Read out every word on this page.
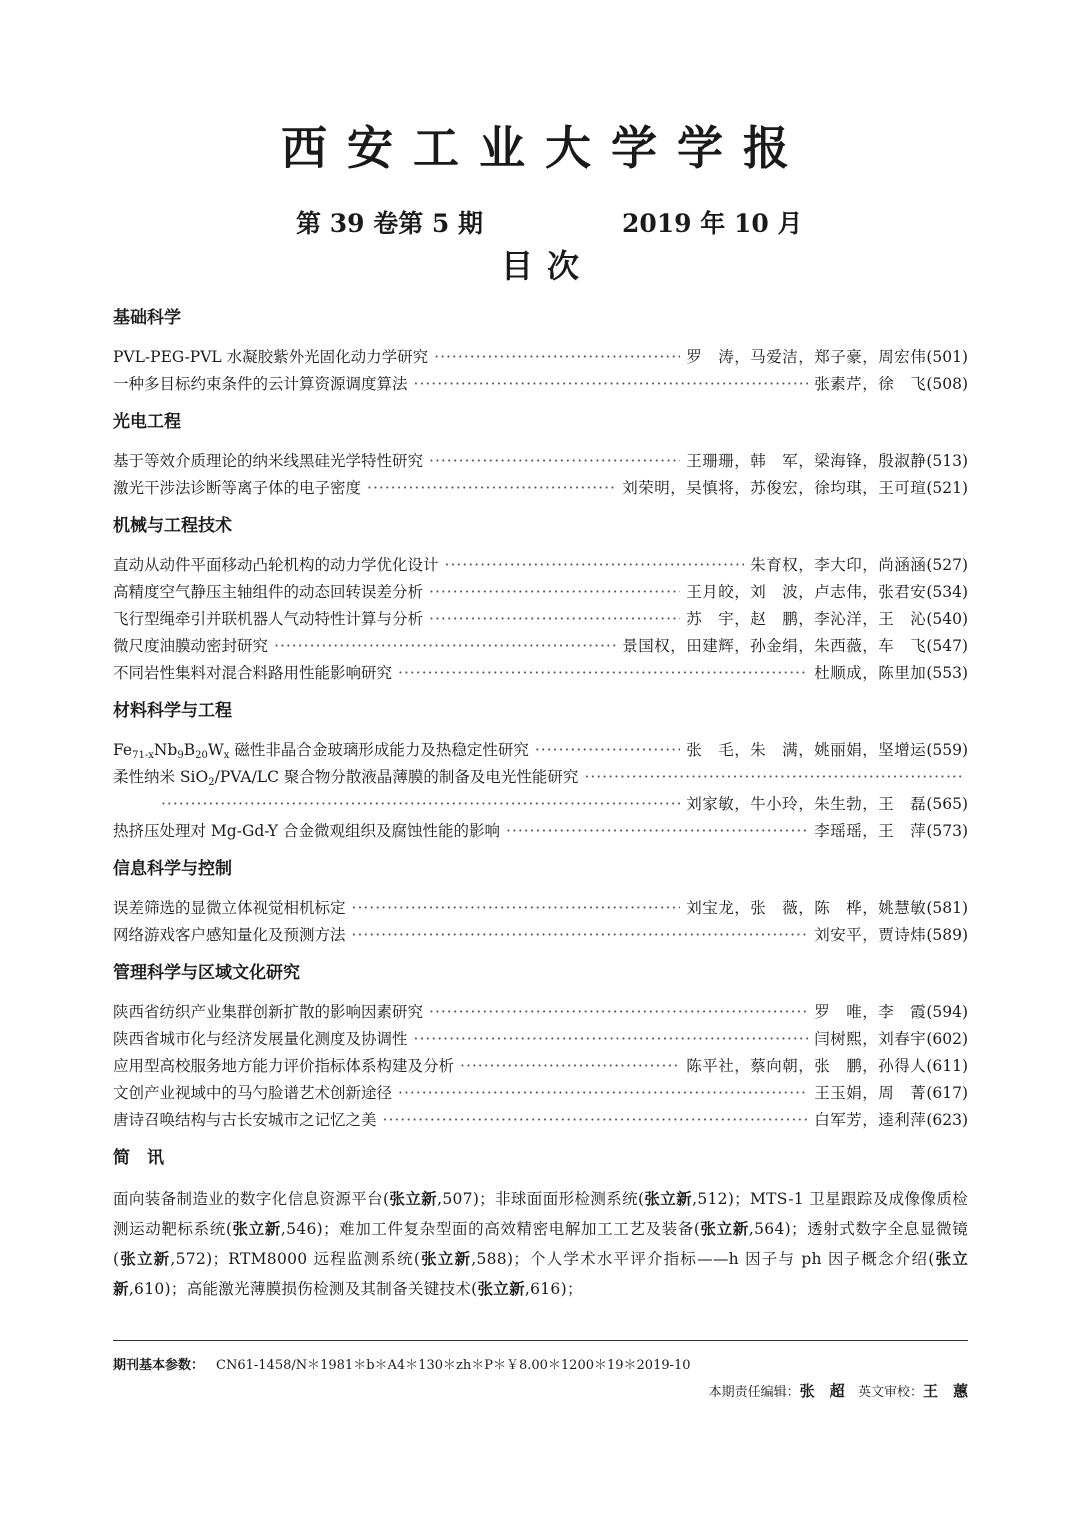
西安工业大学学报
第 39 卷第 5 期	2019 年 10 月
目次
基础科学
PVL-PEG-PVL 水凝胶紫外光固化动力学研究 ·····	罗　涛，马爱洁，郑子豪，周宏伟 (501)
一种多目标约束条件的云计算资源调度算法 ·····	张素芹，徐　飞 (508)
光电工程
基于等效介质理论的纳米线黑硅光学特性研究 ·····	王珊珊，韩　军，梁海锋，殷淑静 (513)
激光干涉法诊断等离子体的电子密度 ·····	刘荣明，吴慎将，苏俊宏，徐均琪，王可瑄 (521)
机械与工程技术
直动从动件平面移动凸轮机构的动力学优化设计 ·····	朱育权，李大印，尚涵涵 (527)
高精度空气静压主轴组件的动态回转误差分析 ·····	王月皎，刘　波，卢志伟，张君安 (534)
飞行型绳牵引并联机器人气动特性计算与分析 ·····	苏　宇，赵　鹏，李沁洋，王　沁 (540)
微尺度油膜动密封研究 ·····	景国权，田建辉，孙金绢，朱西薇，车　飞 (547)
不同岩性集料对混合料路用性能影响研究 ·····	杜顺成，陈里加 (553)
材料科学与工程
$Fe_{71-x}Nb_9B_{20}W_x$ 磁性非晶合金玻璃形成能力及热稳定性研究 ·····	张　毛，朱　满，姚丽娟，坚增运 (559)
柔性纳米 SiO$_2$/PVA/LC 聚合物分散液晶薄膜的制备及电光性能研究
·····
·····
刘家敏，牛小玲，朱生勃，王　磊 (565)
热挤压处理对 Mg-Gd-Y 合金微观组织及腐蚀性能的影响 ·····	李瑶瑶，王　萍 (573)
信息科学与控制
误差筛选的显微立体视觉相机标定 ·····	刘宝龙，张　薇，陈　桦，姚慧敏 (581)
网络游戏客户感知量化及预测方法 ·····	刘安平，贾诗炜 (589)
管理科学与区域文化研究
陕西省纺织产业集群创新扩散的影响因素研究 ·····	罗　唯，李　霞 (594)
陕西省城市化与经济发展量化测度及协调性 ·····	闫树熙，刘春宇 (602)
应用型高校服务地方能力评价指标体系构建及分析 ·····	陈平社，蔡向朝，张　鹏，孙得人 (611)
文创产业视域中的马勺脸谱艺术创新途径 ·····	王玉娟，周　菁 (617)
唐诗召唤结构与古长安城市之记忆之美 ·····	白军芳，逵利萍 (623)
简　讯
面向装备制造业的数字化信息资源平台(张立新,507)；非球面面形检测系统(张立新,512)；MTS-1 卫星跟踪及成像像质检测运动靶标系统(张立新,546)；难加工件复杂型面的高效精密电解加工工艺及装备(张立新,564)；透射式数字全息显微镜(张立新,572)；RTM8000 远程监测系统(张立新,588)；个人学术水平评介指标——h 因子与 ph 因子概念介绍(张立新,610)；高能激光薄膜损伤检测及其制备关键技术(张立新,616)；
期刊基本参数： CN61-1458/N＊1981＊b＊A4＊130＊zh＊P＊￥8.00＊1200＊19＊2019-10
本期责任编辑：张　超 英文审校：王　蕙
